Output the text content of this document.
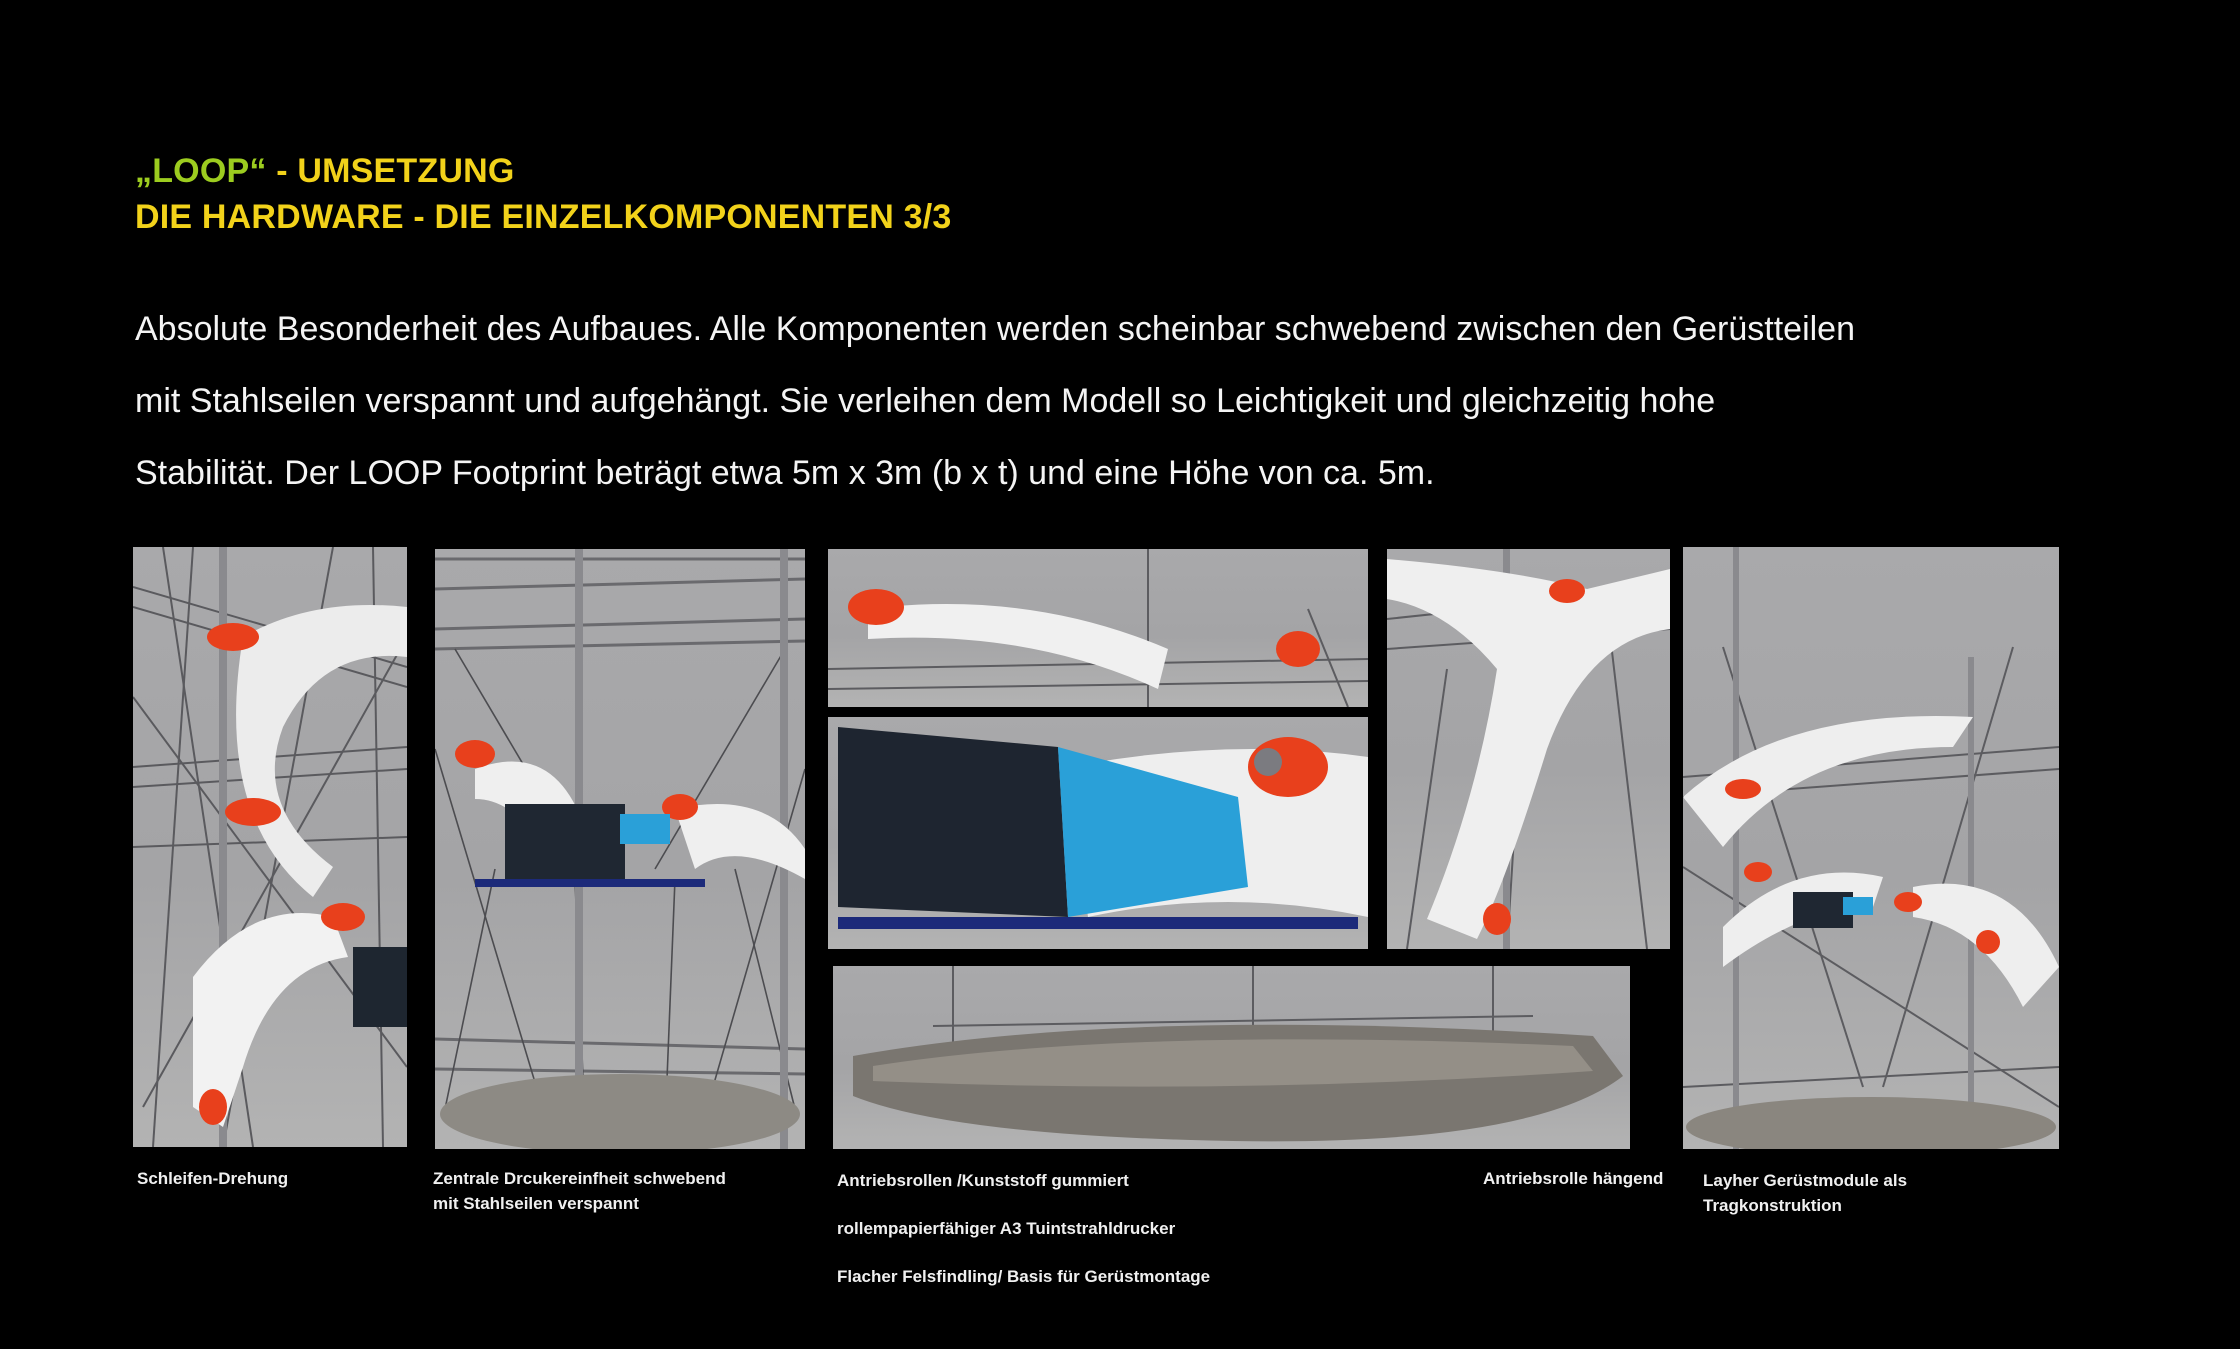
„LOOP“ - UMSETZUNG
DIE HARDWARE - DIE EINZELKOMPONENTEN 3/3
Absolute Besonderheit des Aufbaues. Alle Komponenten werden scheinbar schwebend zwischen den Gerüstteilen
mit Stahlseilen verspannt und aufgehängt. Sie verleihen dem Modell so Leichtigkeit und gleichzeitig hohe
Stabilität. Der LOOP Footprint beträgt etwa 5m x 3m (b x t) und eine Höhe von ca. 5m.
Schleifen-Drehung	Zentrale Drcukereinfheit schwebend
mit Stahlseilen verspannt
Antriebsrollen /Kunststoff gummiert
rollempapierfähiger A3 Tuintstrahldrucker
Flacher Felsfindling/ Basis für Gerüstmontage
Antriebsrolle hängend Layher Gerüstmodule als
Tragkonstruktion
